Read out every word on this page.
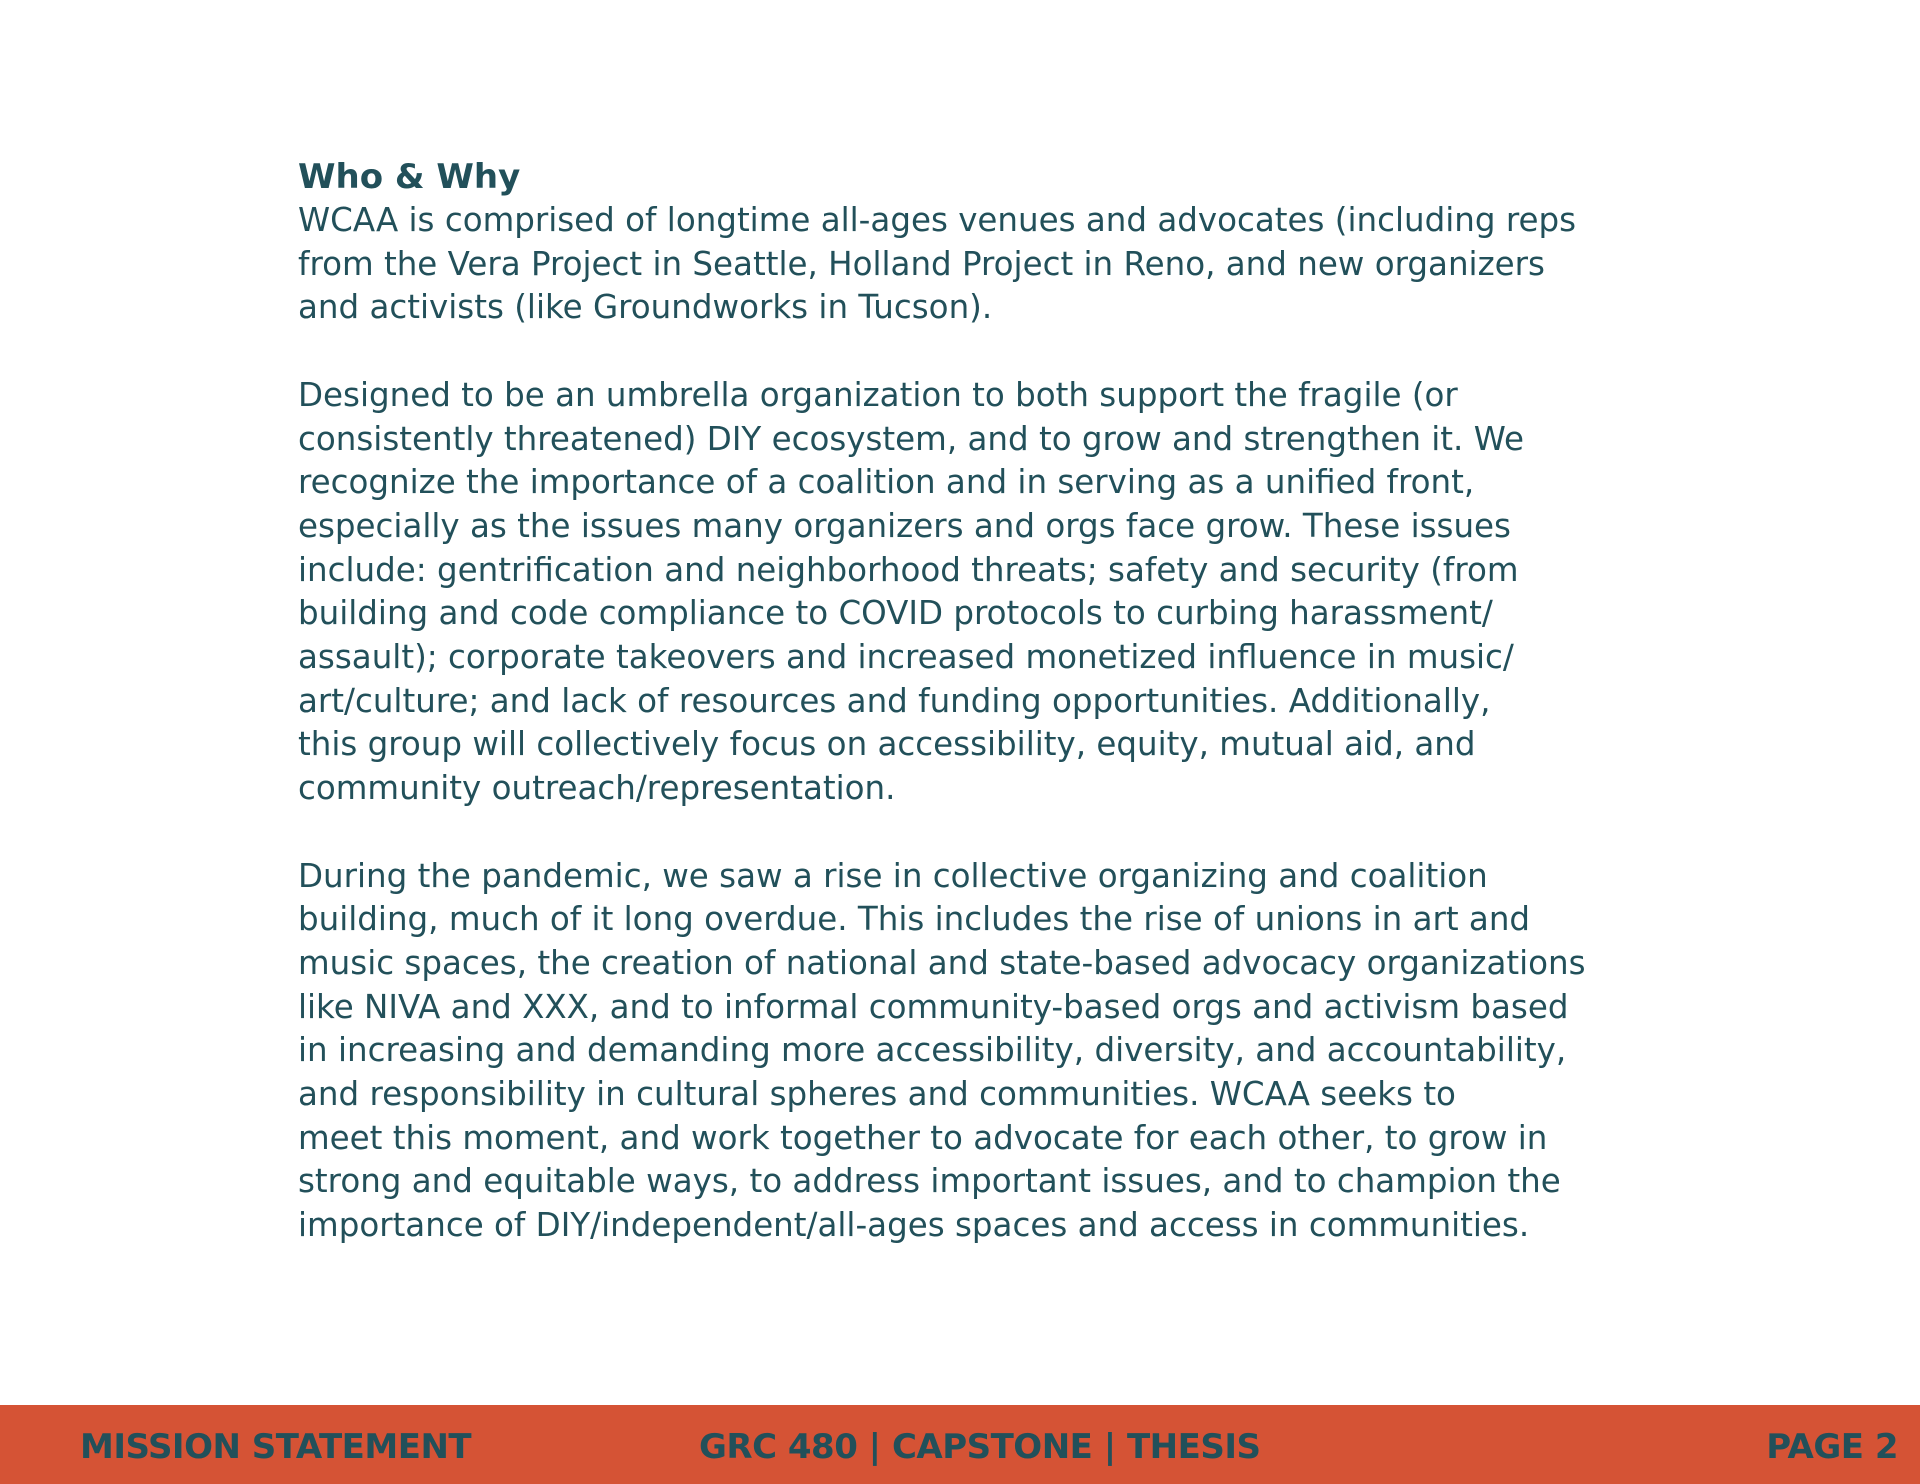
Who & Why

WCAA is comprised of longtime all-ages venues and advocates (including reps
from the Vera Project in Seattle, Holland Project in Reno, and new organizers
and activists (like Groundworks in Tucson).

Designed to be an umbrella organization to both support the fragile (or
consistently threatened) DIY ecosystem, and to grow and strengthen it. We
recognize the importance of a coalition and in serving as a unified front,
especially as the issues many organizers and orgs face grow. These issues
include: gentrification and neighborhood threats; safety and security (from
building and code compliance to COVID protocols to curbing harassment/
assault); corporate takeovers and increased monetized influence in music/
art/culture; and lack of resources and funding opportunities. Additionally,
this group will collectively focus on accessibility, equity, mutual aid, and
community outreach/representation.

During the pandemic, we saw a rise in collective organizing and coalition
building, much of it long overdue. This includes the rise of unions in art and
music spaces, the creation of national and state-based advocacy organizations
like NIVA and XXX, and to informal community-based orgs and activism based
in increasing and demanding more accessibility, diversity, and accountability,
and responsibility in cultural spheres and communities. WCAA seeks to
meet this moment, and work together to advocate for each other, to grow in
strong and equitable ways, to address important issues, and to champion the
importance of DIY/independent/all-ages spaces and access in communities.

MISSION STATEMENT	GRC 480 | CAPSTONE | THESIS	PAGE 2
